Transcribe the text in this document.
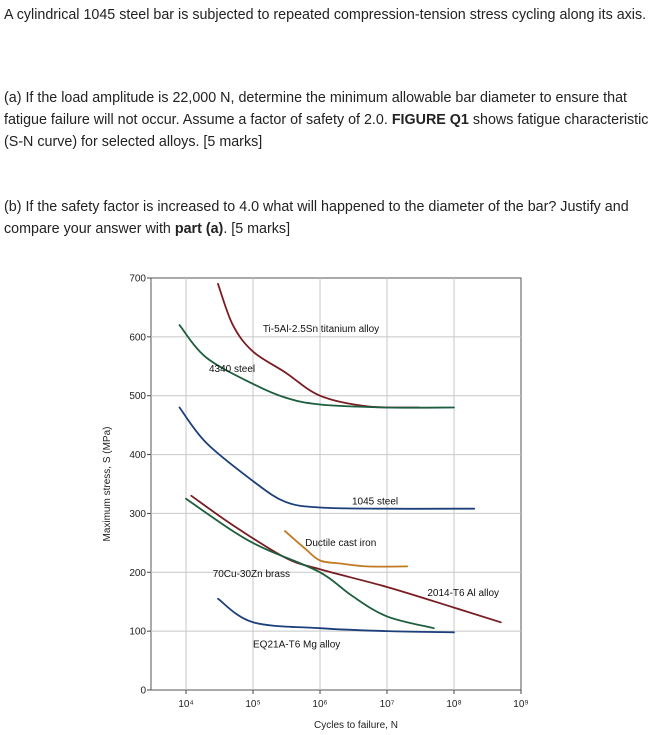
A cylindrical 1045 steel bar is subjected to repeated compression-tension stress cycling along its axis.

(a) If the load amplitude is 22,000 N, determine the minimum allowable bar diameter to ensure that fatigue failure will not occur. Assume a factor of safety of 2.0. FIGURE Q1 shows fatigue characteristic (S-N curve) for selected alloys. [5 marks]

(b) If the safety factor is increased to 4.0 what will happened to the diameter of the bar? Justify and compare your answer with part (a). [5 marks]

Ti-5Al-2.5Sn titanium alloy
4340 steel
1045 steel
Ductile cast iron
70Cu-30Zn brass
2014-T6 Al alloy
EQ21A-T6 Mg alloy
0
100
200
300
400
500
600
700
10⁴	10⁵	10⁶	10⁷	10⁸	10⁹
Cycles to failure, N
Maximum stress, S (MPa)
